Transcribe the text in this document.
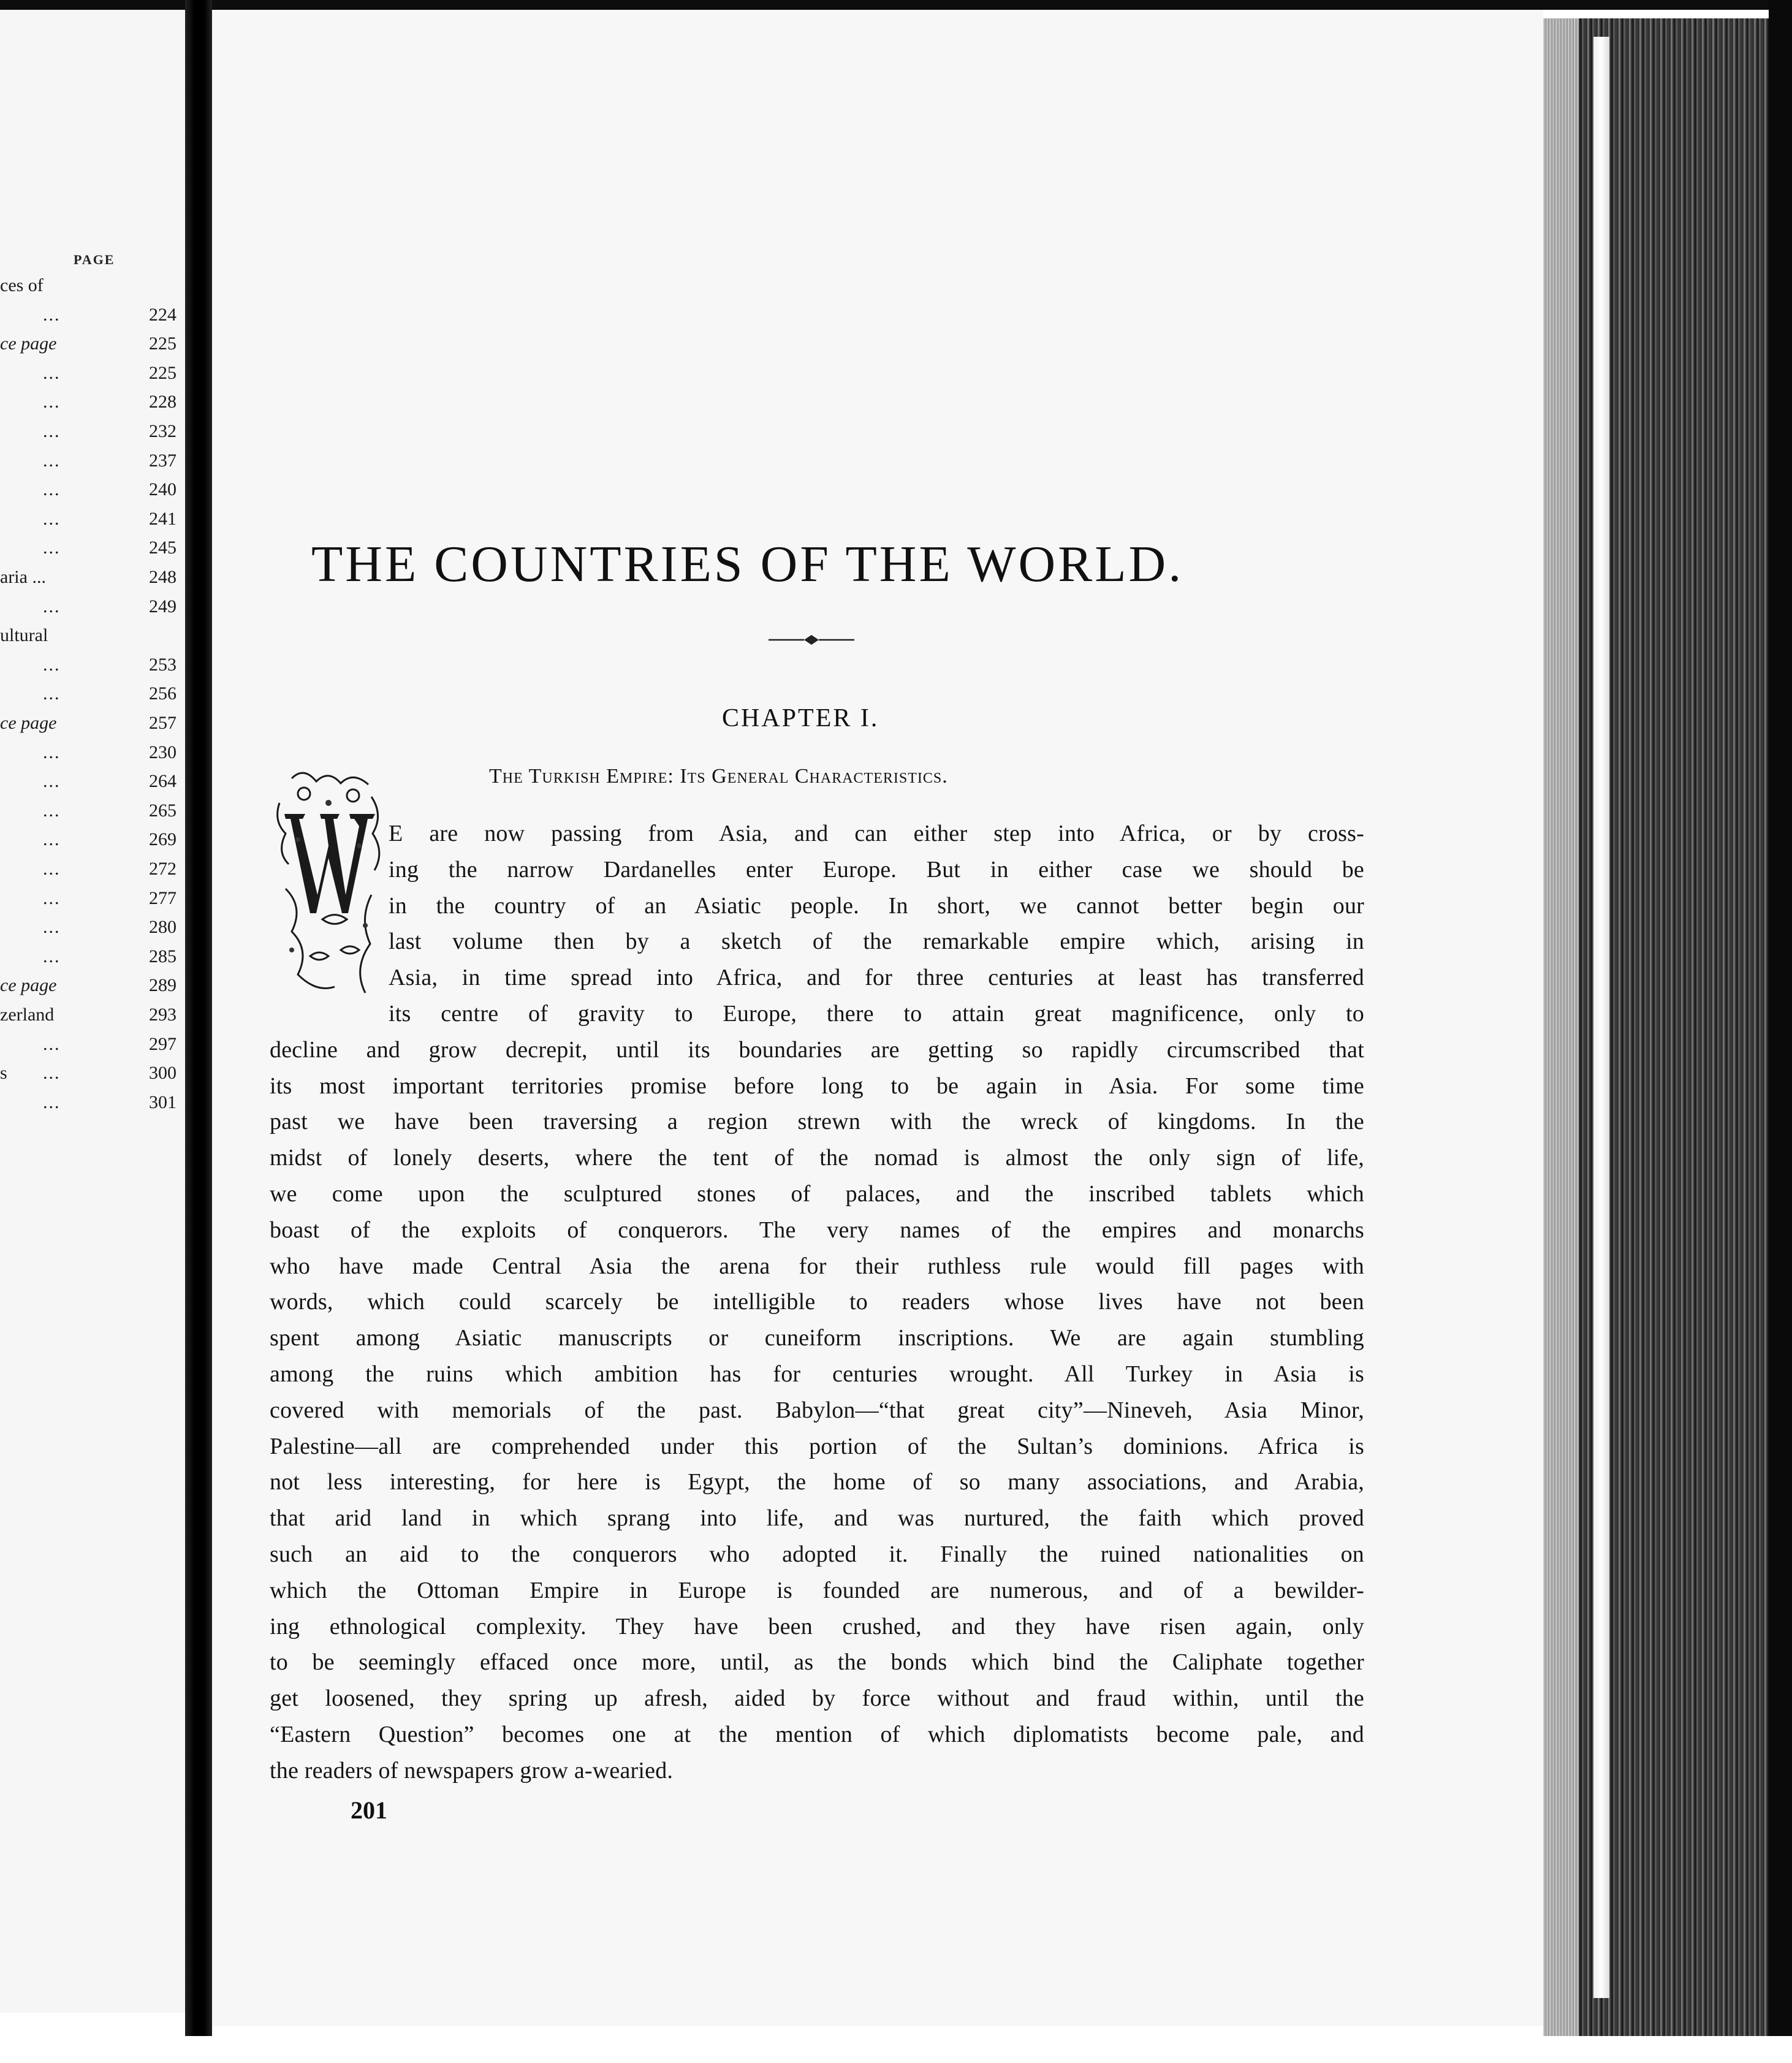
PAGE
ces of
...	224
ce page	225
...	225
...	228
...	232
...	237
...	240
...	241
...	245
aria ...	248
...	249
ultural
...	253
...	256
ce page	257
...	230
...	264
...	265
...	269
...	272
...	277
...	280
...	285
ce page	289
zerland	293
...	297
s ...	300
...	301
THE COUNTRIES OF THE WORLD.
CHAPTER I.
The Turkish Empire: Its General Characteristics.
E are now passing from Asia, and can either step into Africa, or by cross-
ing the narrow Dardanelles enter Europe. But in either case we should be
in the country of an Asiatic people. In short, we cannot better begin our
last volume then by a sketch of the remarkable empire which, arising in
Asia, in time spread into Africa, and for three centuries at least has transferred
its centre of gravity to Europe, there to attain great magnificence, only to
decline and grow decrepit, until its boundaries are getting so rapidly circumscribed that
its most important territories promise before long to be again in Asia. For some time
past we have been traversing a region strewn with the wreck of kingdoms. In the
midst of lonely deserts, where the tent of the nomad is almost the only sign of life,
we come upon the sculptured stones of palaces, and the inscribed tablets which
boast of the exploits of conquerors. The very names of the empires and monarchs
who have made Central Asia the arena for their ruthless rule would fill pages with
words, which could scarcely be intelligible to readers whose lives have not been
spent among Asiatic manuscripts or cuneiform inscriptions. We are again stumbling
among the ruins which ambition has for centuries wrought. All Turkey in Asia is
covered with memorials of the past. Babylon—“that great city”—Nineveh, Asia Minor,
Palestine—all are comprehended under this portion of the Sultan’s dominions. Africa is
not less interesting, for here is Egypt, the home of so many associations, and Arabia,
that arid land in which sprang into life, and was nurtured, the faith which proved
such an aid to the conquerors who adopted it. Finally the ruined nationalities on
which the Ottoman Empire in Europe is founded are numerous, and of a bewilder-
ing ethnological complexity. They have been crushed, and they have risen again, only
to be seemingly effaced once more, until, as the bonds which bind the Caliphate together
get loosened, they spring up afresh, aided by force without and fraud within, until the
“Eastern Question” becomes one at the mention of which diplomatists become pale, and
the readers of newspapers grow a-wearied.
201
